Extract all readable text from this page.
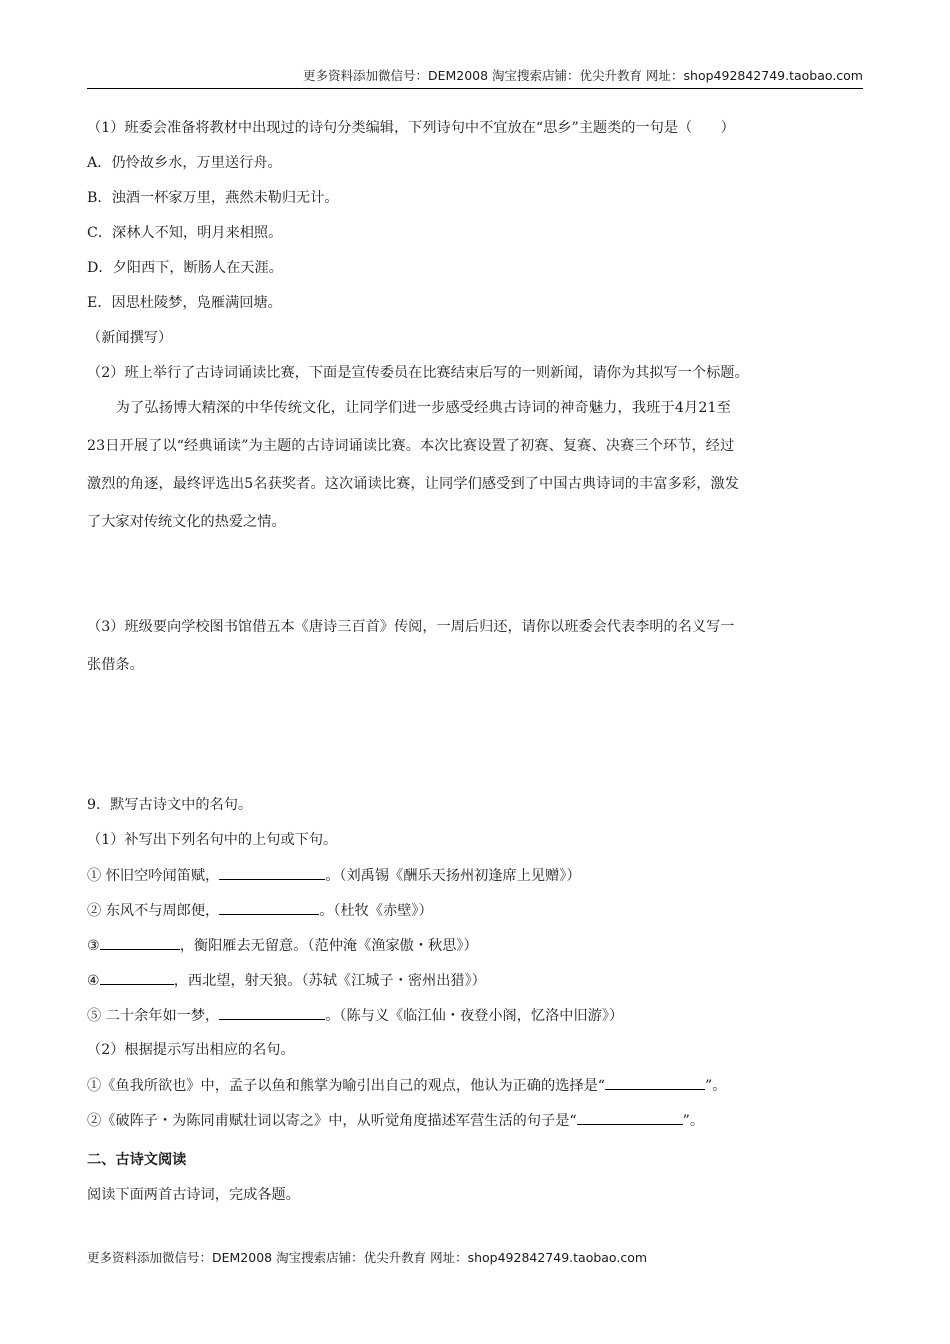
更多资料添加微信号：DEM2008 淘宝搜索店铺：优尖升教育 网址：shop492842749.taobao.com
（1）班委会准备将教材中出现过的诗句分类编辑，下列诗句中不宜放在“思乡”主题类的一句是（　　）
A．仍怜故乡水，万里送行舟。
B．浊酒一杯家万里，燕然未勒归无计。
C．深林人不知，明月来相照。
D．夕阳西下，断肠人在天涯。
E．因思杜陵梦，凫雁满回塘。
（新闻撰写）
（2）班上举行了古诗词诵读比赛，下面是宣传委员在比赛结束后写的一则新闻，请你为其拟写一个标题。
　　为了弘扬博大精深的中华传统文化，让同学们进一步感受经典古诗词的神奇魅力，我班于4月21至
23日开展了以“经典诵读”为主题的古诗词诵读比赛。本次比赛设置了初赛、复赛、决赛三个环节，经过
激烈的角逐，最终评选出5名获奖者。这次诵读比赛，让同学们感受到了中国古典诗词的丰富多彩，激发
了大家对传统文化的热爱之情。
（3）班级要向学校图书馆借五本《唐诗三百首》传阅，一周后归还，请你以班委会代表李明的名义写一
张借条。
9．默写古诗文中的名句。
（1）补写出下列名句中的上句或下句。
① 怀旧空吟闻笛赋，	。（刘禹锡《酬乐天扬州初逢席上见赠》）
② 东风不与周郎便，	。（杜牧《赤壁》）
③	，衡阳雁去无留意。（范仲淹《渔家傲・秋思》）
④	，西北望，射天狼。（苏轼《江城子・密州出猎》）
⑤ 二十余年如一梦，	。（陈与义《临江仙・夜登小阁，忆洛中旧游》）
（2）根据提示写出相应的名句。
①《鱼我所欲也》中，孟子以鱼和熊掌为喻引出自己的观点，他认为正确的选择是“	”。
②《破阵子・为陈同甫赋壮词以寄之》中，从听觉角度描述军营生活的句子是“	”。
二、古诗文阅读
阅读下面两首古诗词，完成各题。
更多资料添加微信号：DEM2008 淘宝搜索店铺：优尖升教育 网址：shop492842749.taobao.com
